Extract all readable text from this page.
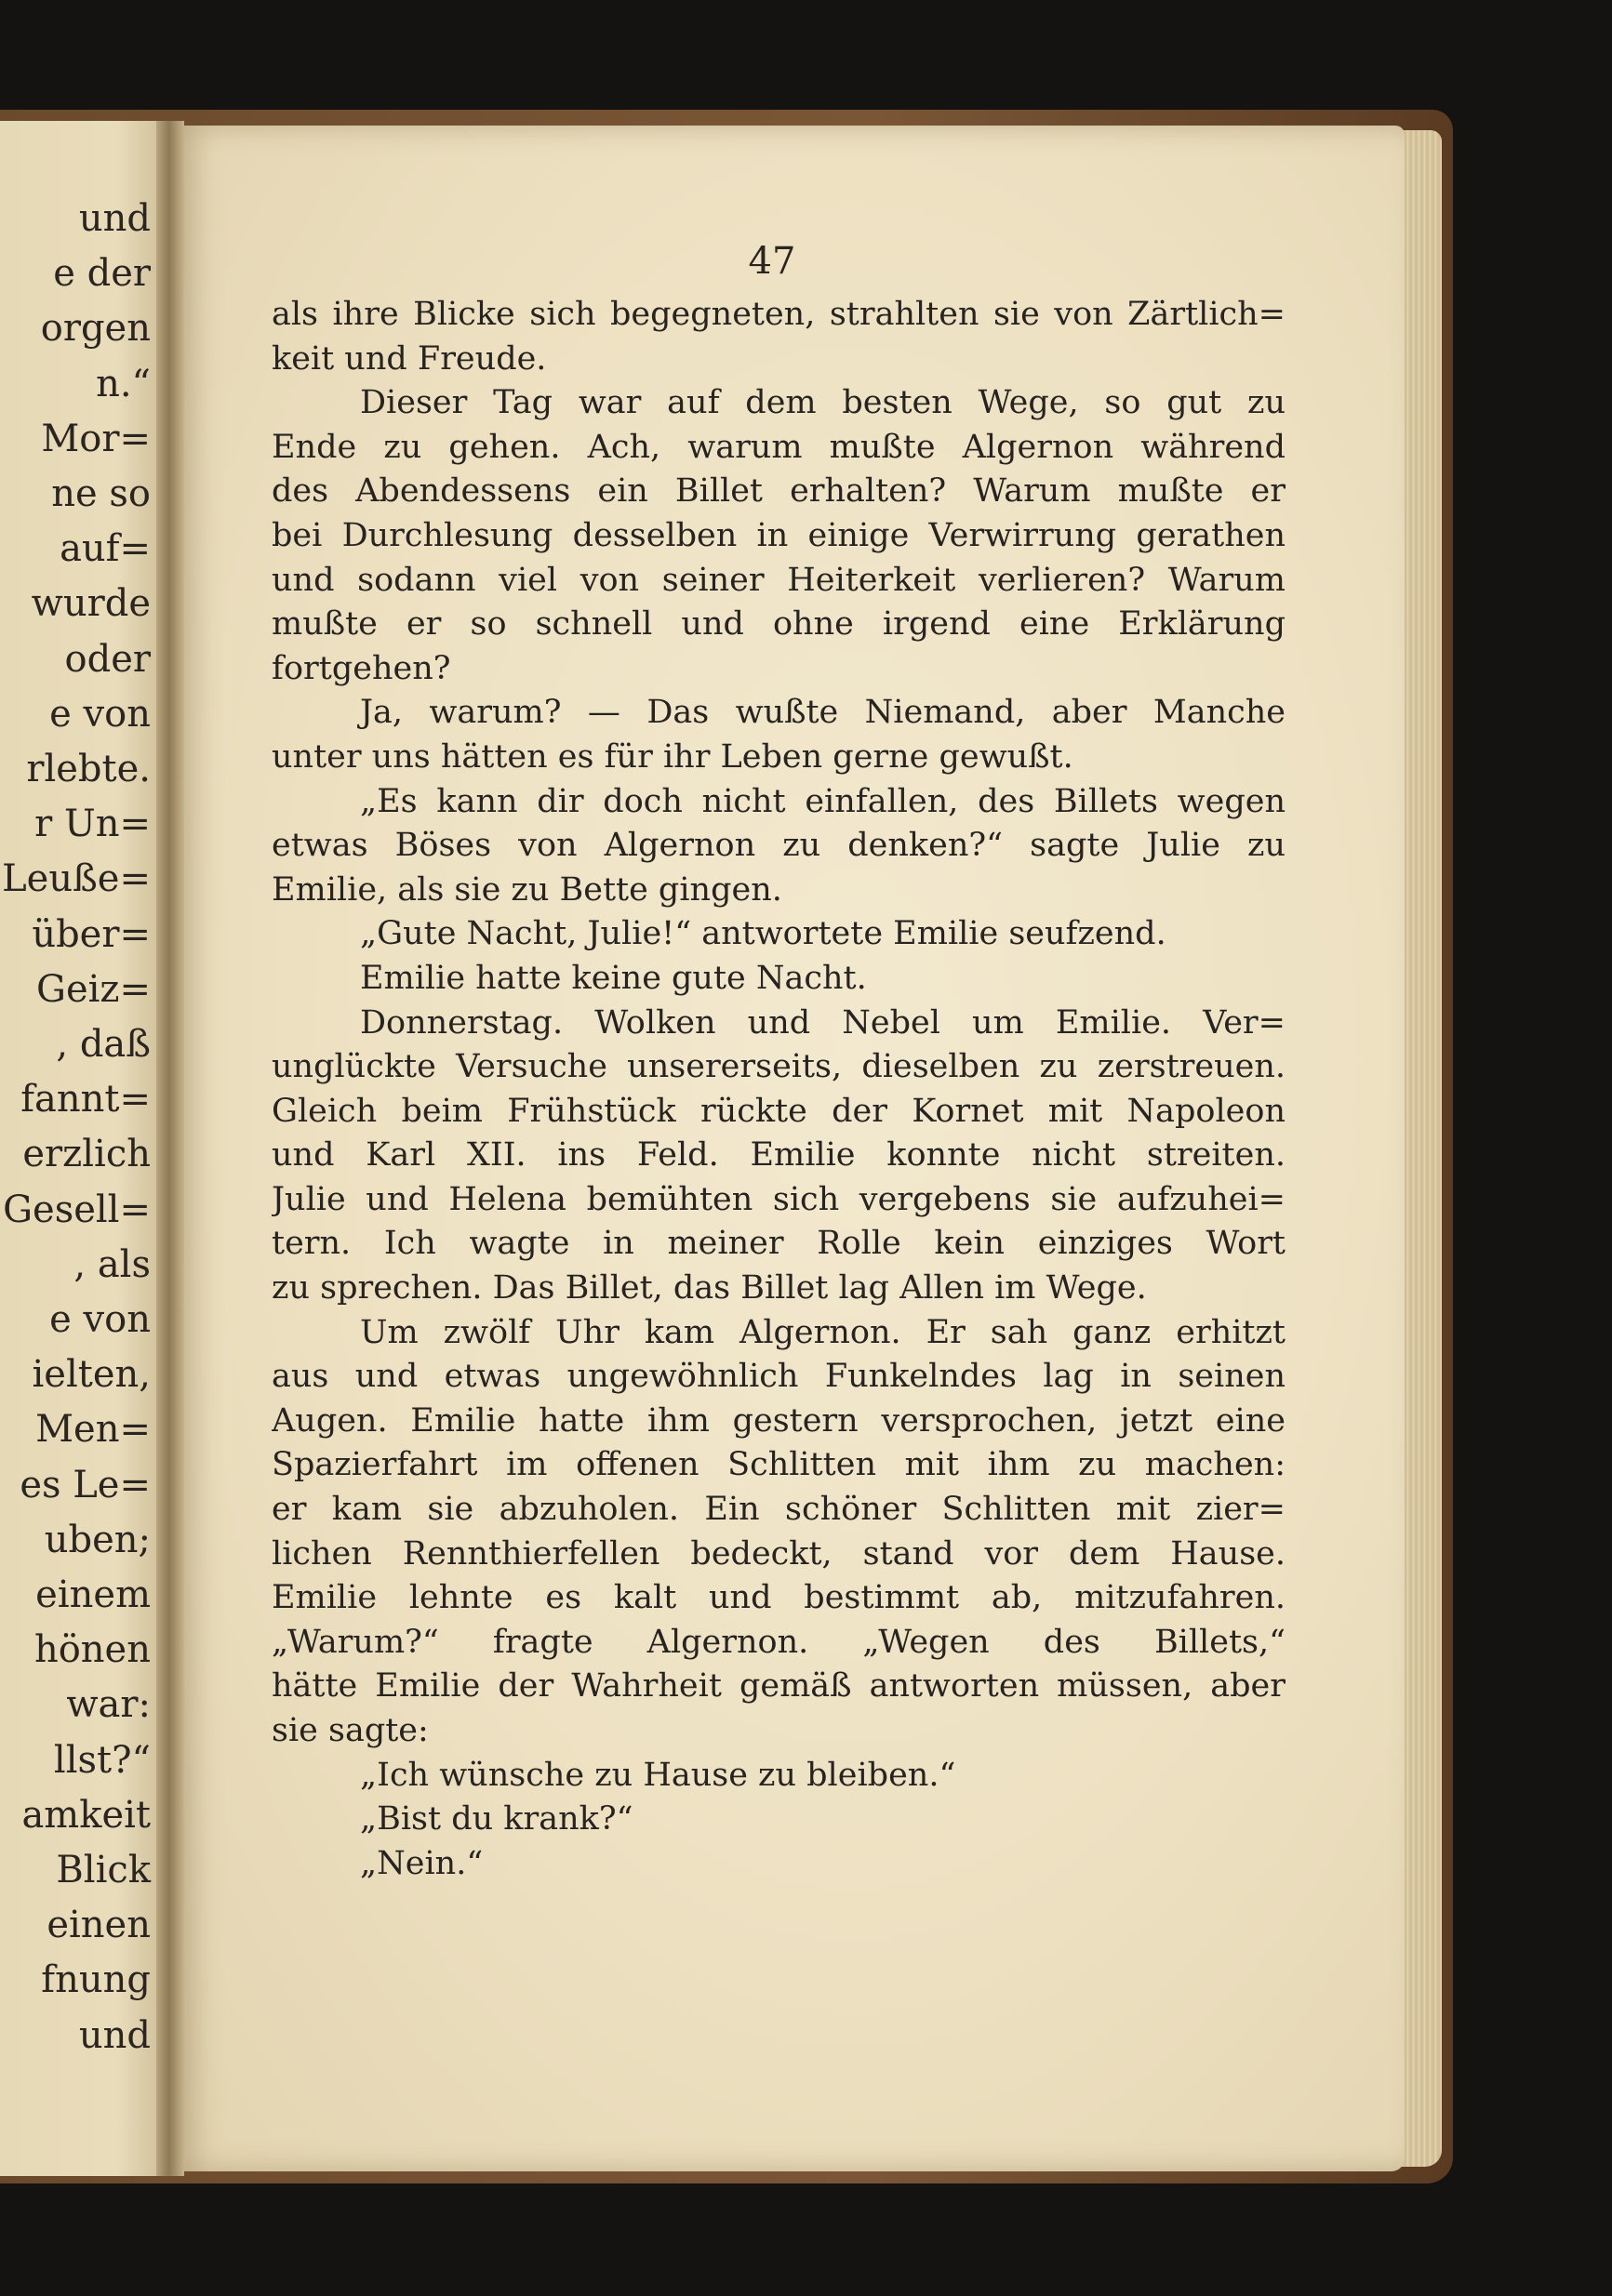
und
e der
orgen
n.“
Mor=
ne so
auf=
wurde
oder
e von
rlebte.
r Un=
Leuße=
über=
Geiz=
, daß
fannt=
erzlich
Gesell=
, als
e von
ielten,
Men=
es Le=
uben;
einem
hönen
war:
llst?“
amkeit
Blick
einen
fnung
und
47
als ihre Blicke sich begegneten, strahlten sie von Zärtlich=
keit und Freude.
Dieser Tag war auf dem besten Wege, so gut zu
Ende zu gehen. Ach, warum mußte Algernon während
des Abendessens ein Billet erhalten? Warum mußte er
bei Durchlesung desselben in einige Verwirrung gerathen
und sodann viel von seiner Heiterkeit verlieren? Warum
mußte er so schnell und ohne irgend eine Erklärung
fortgehen?
Ja, warum? — Das wußte Niemand, aber Manche
unter uns hätten es für ihr Leben gerne gewußt.
„Es kann dir doch nicht einfallen, des Billets wegen
etwas Böses von Algernon zu denken?“ sagte Julie zu
Emilie, als sie zu Bette gingen.
„Gute Nacht, Julie!“ antwortete Emilie seufzend.
Emilie hatte keine gute Nacht.
Donnerstag. Wolken und Nebel um Emilie. Ver=
unglückte Versuche unsererseits, dieselben zu zerstreuen.
Gleich beim Frühstück rückte der Kornet mit Napoleon
und Karl XII. ins Feld. Emilie konnte nicht streiten.
Julie und Helena bemühten sich vergebens sie aufzuhei=
tern. Ich wagte in meiner Rolle kein einziges Wort
zu sprechen. Das Billet, das Billet lag Allen im Wege.
Um zwölf Uhr kam Algernon. Er sah ganz erhitzt
aus und etwas ungewöhnlich Funkelndes lag in seinen
Augen. Emilie hatte ihm gestern versprochen, jetzt eine
Spazierfahrt im offenen Schlitten mit ihm zu machen:
er kam sie abzuholen. Ein schöner Schlitten mit zier=
lichen Rennthierfellen bedeckt, stand vor dem Hause.
Emilie lehnte es kalt und bestimmt ab, mitzufahren.
„Warum?“ fragte Algernon. „Wegen des Billets,“
hätte Emilie der Wahrheit gemäß antworten müssen, aber
sie sagte:
„Ich wünsche zu Hause zu bleiben.“
„Bist du krank?“
„Nein.“
